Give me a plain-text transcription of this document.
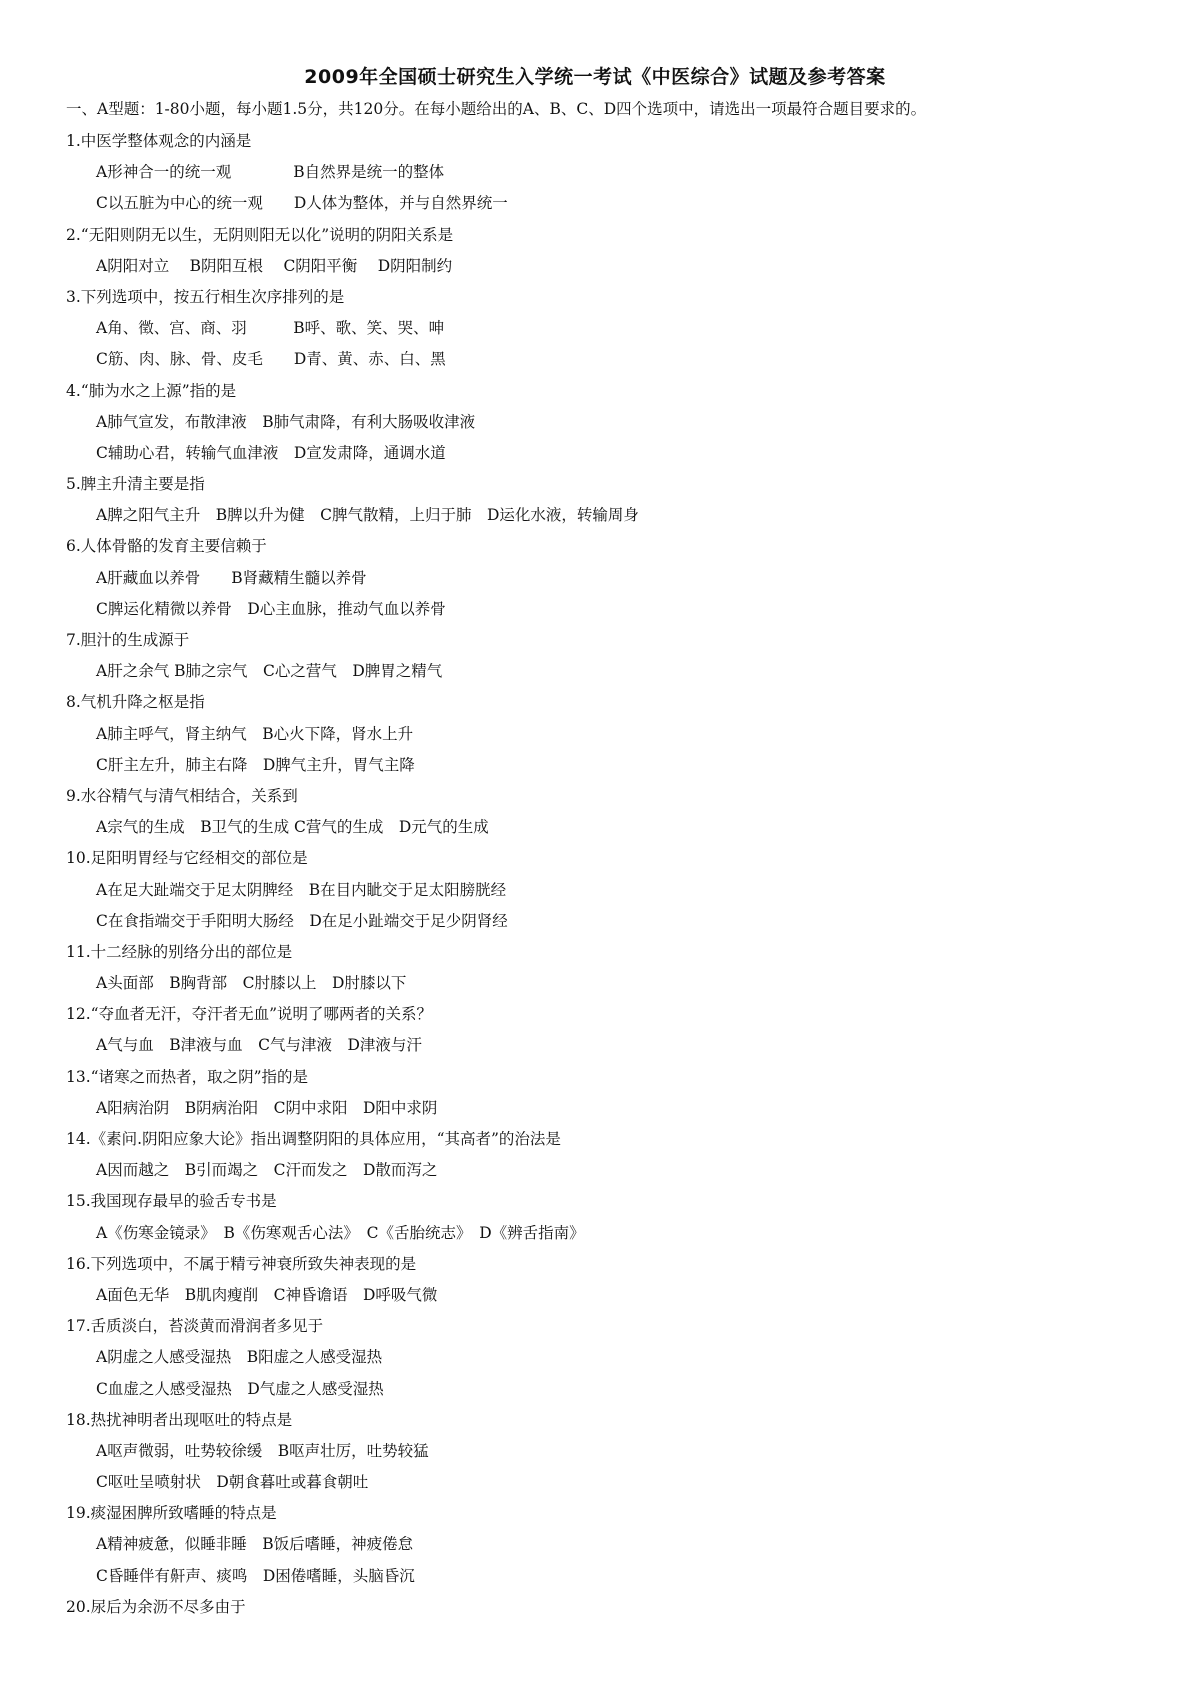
2009年全国硕士研究生入学统一考试《中医综合》试题及参考答案
一、A型题：1-80小题，每小题1.5分，共120分。在每小题给出的A、B、C、D四个选项中，请选出一项最符合题目要求的。
1.中医学整体观念的内涵是
A形神合一的统一观　　　　B自然界是统一的整体
C以五脏为中心的统一观　　D人体为整体，并与自然界统一
2.“无阳则阴无以生，无阴则阳无以化”说明的阴阳关系是
A阴阳对立　 B阴阳互根　 C阴阳平衡　 D阴阳制约
3.下列选项中，按五行相生次序排列的是
A角、徵、宫、商、羽　　　B呼、歌、笑、哭、呻
C筋、肉、脉、骨、皮毛　　D青、黄、赤、白、黑
4.“肺为水之上源”指的是
A肺气宣发，布散津液　B肺气肃降，有利大肠吸收津液
C辅助心君，转输气血津液　D宣发肃降，通调水道
5.脾主升清主要是指
A脾之阳气主升　B脾以升为健　C脾气散精，上归于肺　D运化水液，转输周身
6.人体骨骼的发育主要信赖于
A肝藏血以养骨　　B肾藏精生髓以养骨
C脾运化精微以养骨　D心主血脉，推动气血以养骨
7.胆汁的生成源于
A肝之余气 B肺之宗气　C心之营气　D脾胃之精气
8.气机升降之枢是指
A肺主呼气，肾主纳气　B心火下降，肾水上升
C肝主左升，肺主右降　D脾气主升，胃气主降
9.水谷精气与清气相结合，关系到
A宗气的生成　B卫气的生成 C营气的生成　D元气的生成
10.足阳明胃经与它经相交的部位是
A在足大趾端交于足太阴脾经　B在目内眦交于足太阳膀胱经
C在食指端交于手阳明大肠经　D在足小趾端交于足少阴肾经
11.十二经脉的别络分出的部位是
A头面部　B胸背部　C肘膝以上　D肘膝以下
12.“夺血者无汗，夺汗者无血”说明了哪两者的关系？
A气与血　B津液与血　C气与津液　D津液与汗
13.“诸寒之而热者，取之阴”指的是
A阳病治阴　B阴病治阳　C阴中求阳　D阳中求阴
14.《素问.阴阳应象大论》指出调整阴阳的具体应用，“其高者”的治法是
A因而越之　B引而竭之　C汗而发之　D散而泻之
15.我国现存最早的验舌专书是
A《伤寒金镜录》　B《伤寒观舌心法》　C《舌胎统志》　D《辨舌指南》
16.下列选项中，不属于精亏神衰所致失神表现的是
A面色无华　B肌肉瘦削　C神昏谵语　D呼吸气微
17.舌质淡白，苔淡黄而滑润者多见于
A阴虚之人感受湿热　B阳虚之人感受湿热
C血虚之人感受湿热　D气虚之人感受湿热
18.热扰神明者出现呕吐的特点是
A呕声微弱，吐势较徐缓　B呕声壮厉，吐势较猛
C呕吐呈喷射状　D朝食暮吐或暮食朝吐
19.痰湿困脾所致嗜睡的特点是
A精神疲惫，似睡非睡　B饭后嗜睡，神疲倦怠
C昏睡伴有鼾声、痰鸣　D困倦嗜睡，头脑昏沉
20.尿后为余沥不尽多由于
